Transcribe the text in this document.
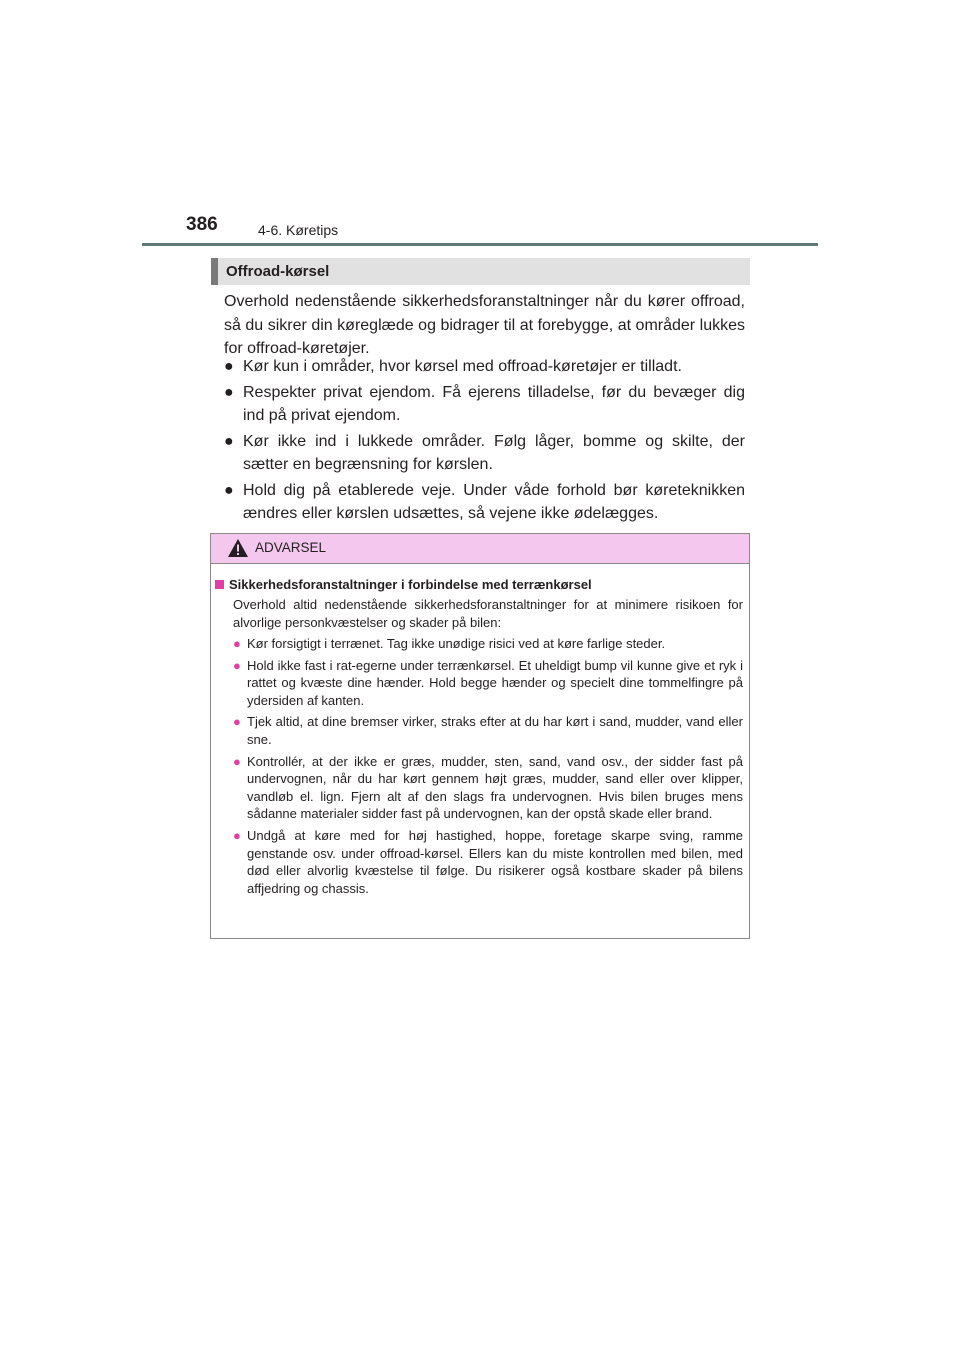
386	4-6. Køretips
Offroad-kørsel

Overhold nedenstående sikkerhedsforanstaltninger når du kører offroad, så du sikrer din køreglæde og bidrager til at forebygge, at områder lukkes for offroad-køretøjer.

● Kør kun i områder, hvor kørsel med offroad-køretøjer er tilladt.
● Respekter privat ejendom. Få ejerens tilladelse, før du bevæger dig ind på privat ejendom.
● Kør ikke ind i lukkede områder. Følg låger, bomme og skilte, der sætter en begrænsning for kørslen.
● Hold dig på etablerede veje. Under våde forhold bør køreteknikken ændres eller kørslen udsættes, så vejene ikke ødelægges.
ADVARSEL
Sikkerhedsforanstaltninger i forbindelse med terrænkørsel

Overhold altid nedenstående sikkerhedsforanstaltninger for at minimere risikoen for alvorlige personkvæstelser og skader på bilen:

● Kør forsigtigt i terrænet. Tag ikke unødige risici ved at køre farlige steder.
● Hold ikke fast i rat-egerne under terrænkørsel. Et uheldigt bump vil kunne give et ryk i rattet og kvæste dine hænder. Hold begge hænder og specielt dine tommelfingre på ydersiden af kanten.
● Tjek altid, at dine bremser virker, straks efter at du har kørt i sand, mudder, vand eller sne.
● Kontrollér, at der ikke er græs, mudder, sten, sand, vand osv., der sidder fast på undervognen, når du har kørt gennem højt græs, mudder, sand eller over klipper, vandløb el. lign. Fjern alt af den slags fra undervognen. Hvis bilen bruges mens sådanne materialer sidder fast på undervognen, kan der opstå skade eller brand.
● Undgå at køre med for høj hastighed, hoppe, foretage skarpe sving, ramme genstande osv. under offroad-kørsel. Ellers kan du miste kontrollen med bilen, med død eller alvorlig kvæstelse til følge. Du risikerer også kostbare skader på bilens affjedring og chassis.
